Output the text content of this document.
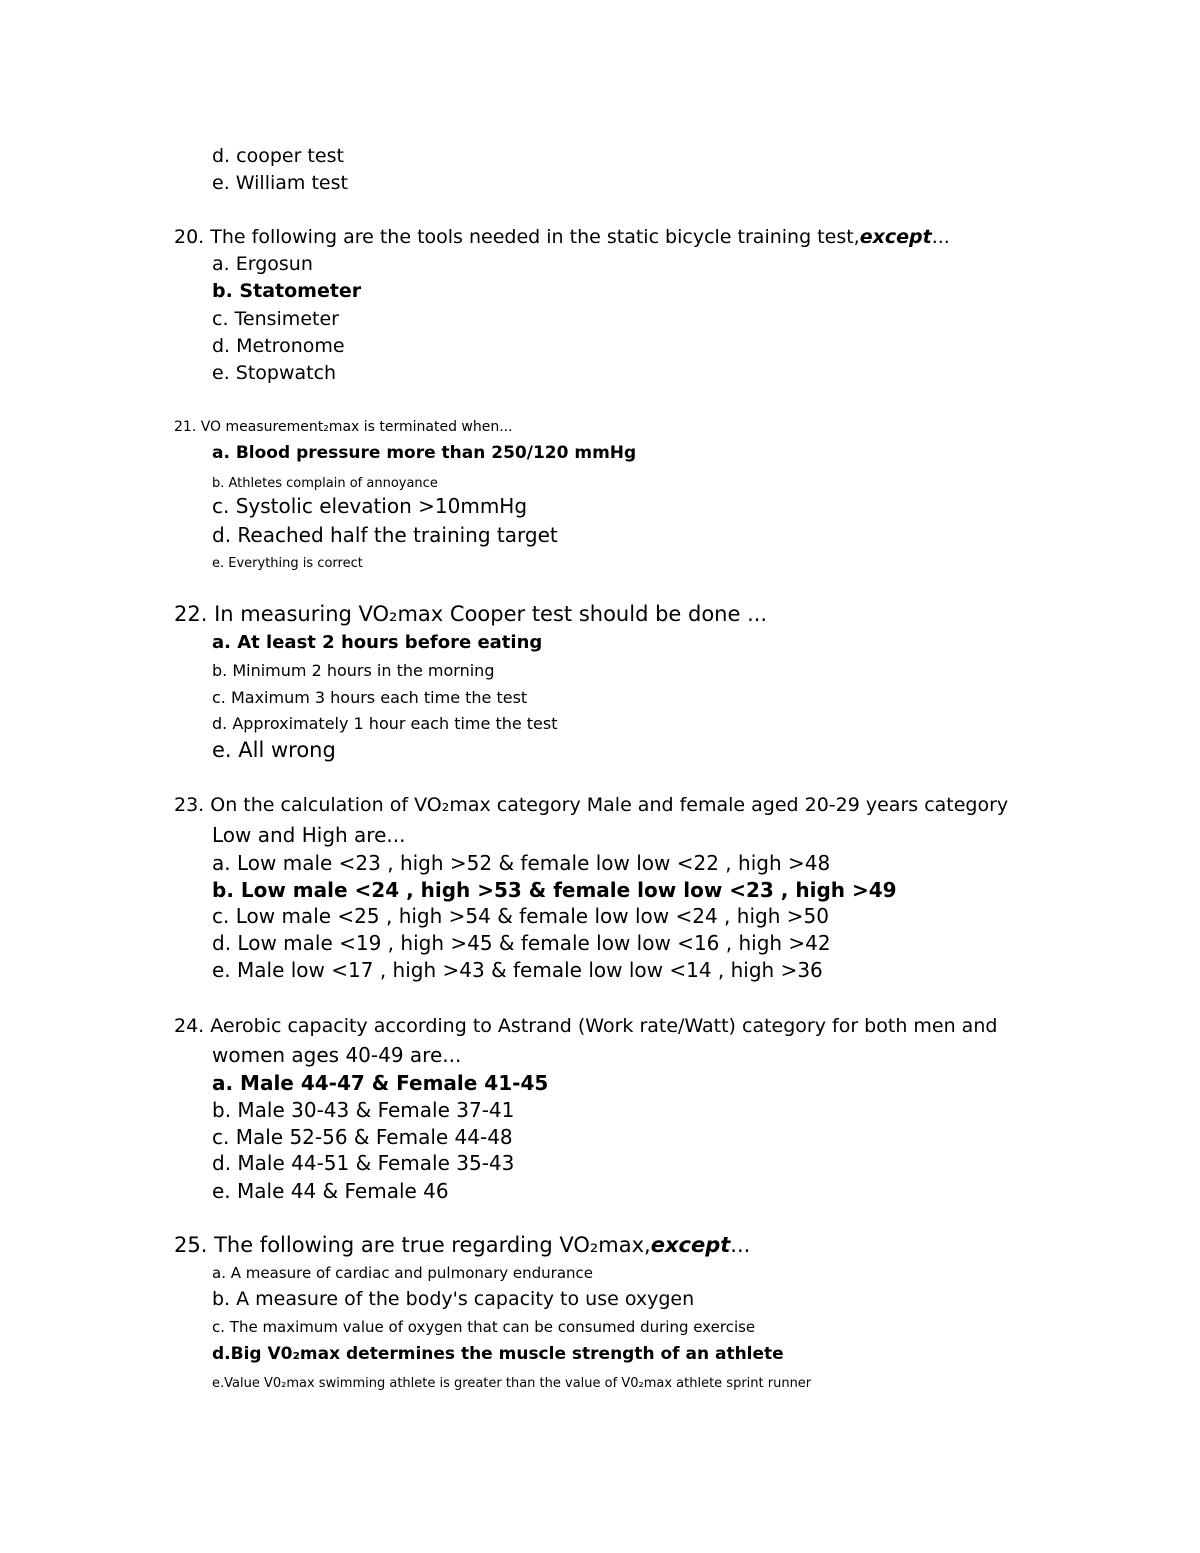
d. cooper test
e. William test
20. The following are the tools needed in the static bicycle training test,except...
a. Ergosun
b. Statometer
c. Tensimeter
d. Metronome
e. Stopwatch
21. VO measurement₂max is terminated when...
a. Blood pressure more than 250/120 mmHg
b. Athletes complain of annoyance
c. Systolic elevation >10mmHg
d. Reached half the training target
e. Everything is correct
22. In measuring VO₂max Cooper test should be done ...
a. At least 2 hours before eating
b. Minimum 2 hours in the morning
c. Maximum 3 hours each time the test
d. Approximately 1 hour each time the test
e. All wrong
23. On the calculation of VO₂max category Male and female aged 20-29 years category
Low and High are...
a. Low male <23 , high >52 & female low low <22 , high >48
b. Low male <24 , high >53 & female low low <23 , high >49
c. Low male <25 , high >54 & female low low <24 , high >50
d. Low male <19 , high >45 & female low low <16 , high >42
e. Male low <17 , high >43 & female low low <14 , high >36
24. Aerobic capacity according to Astrand (Work rate/Watt) category for both men and
women ages 40-49 are...
a. Male 44-47 & Female 41-45
b. Male 30-43 & Female 37-41
c. Male 52-56 & Female 44-48
d. Male 44-51 & Female 35-43
e. Male 44 & Female 46
25. The following are true regarding VO₂max,except...
a. A measure of cardiac and pulmonary endurance
b. A measure of the body's capacity to use oxygen
c. The maximum value of oxygen that can be consumed during exercise
d.Big V0₂max determines the muscle strength of an athlete
e.Value V0₂max swimming athlete is greater than the value of V0₂max athlete sprint runner
